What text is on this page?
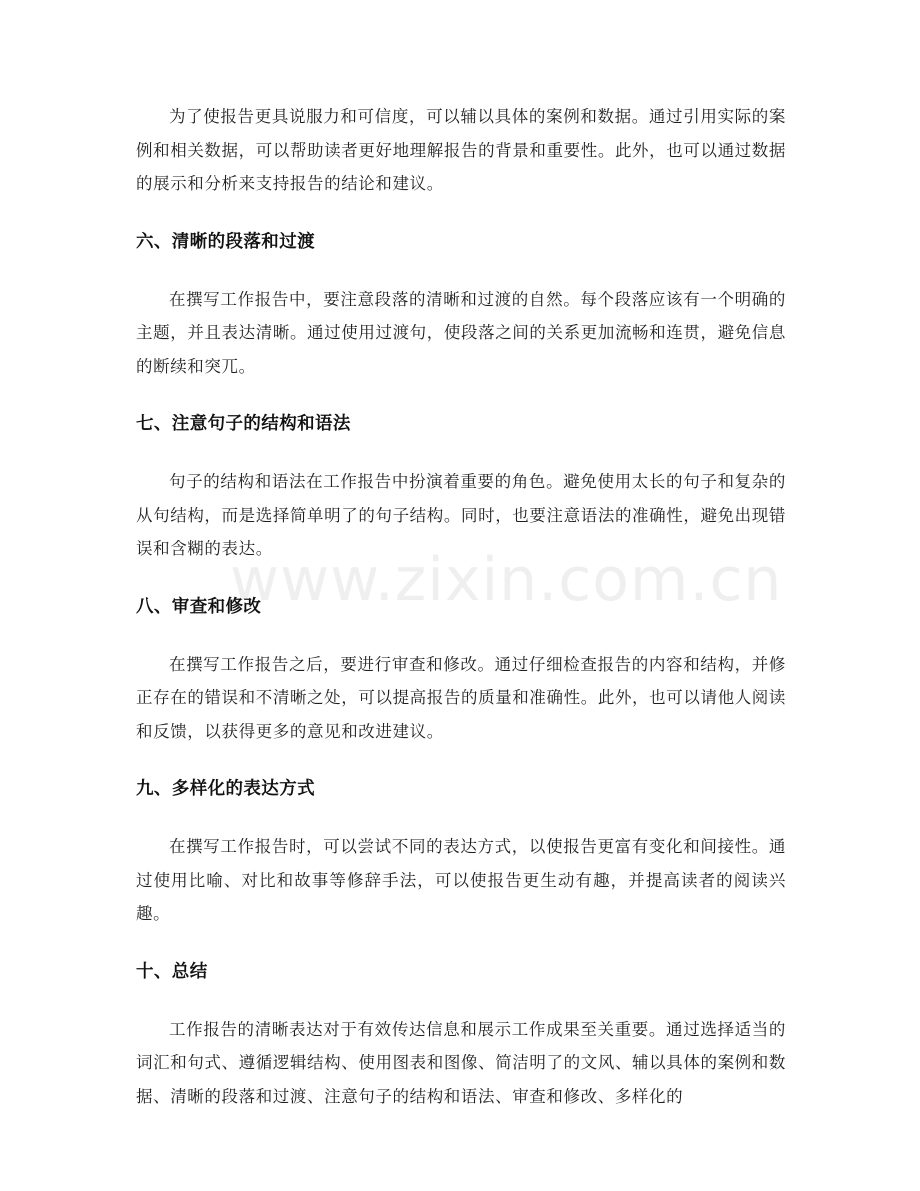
为了使报告更具说服力和可信度，可以辅以具体的案例和数据。通过引用实际的案例和相关数据，可以帮助读者更好地理解报告的背景和重要性。此外，也可以通过数据的展示和分析来支持报告的结论和建议。

六、清晰的段落和过渡

在撰写工作报告中，要注意段落的清晰和过渡的自然。每个段落应该有一个明确的主题，并且表达清晰。通过使用过渡句，使段落之间的关系更加流畅和连贯，避免信息的断续和突兀。

七、注意句子的结构和语法

句子的结构和语法在工作报告中扮演着重要的角色。避免使用太长的句子和复杂的从句结构，而是选择简单明了的句子结构。同时，也要注意语法的准确性，避免出现错误和含糊的表达。

八、审查和修改

在撰写工作报告之后，要进行审查和修改。通过仔细检查报告的内容和结构，并修正存在的错误和不清晰之处，可以提高报告的质量和准确性。此外，也可以请他人阅读和反馈，以获得更多的意见和改进建议。

九、多样化的表达方式

在撰写工作报告时，可以尝试不同的表达方式，以使报告更富有变化和间接性。通过使用比喻、对比和故事等修辞手法，可以使报告更生动有趣，并提高读者的阅读兴趣。

十、总结

工作报告的清晰表达对于有效传达信息和展示工作成果至关重要。通过选择适当的词汇和句式、遵循逻辑结构、使用图表和图像、简洁明了的文风、辅以具体的案例和数据、清晰的段落和过渡、注意句子的结构和语法、审查和修改、多样化的

www.zixin.com.cn
